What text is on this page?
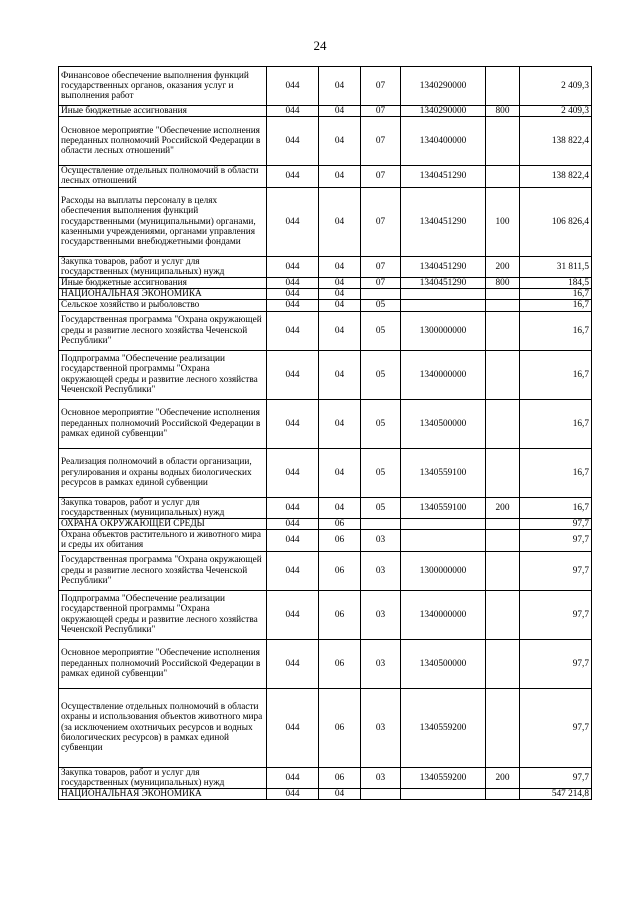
24
Финансовое обеспечение выполнения функций государственных органов, оказания услуг и выполнения работ	044	04	07	1340290000		2 409,3
Иные бюджетные ассигнования	044	04	07	1340290000	800	2 409,3
Основное мероприятие "Обеспечение исполнения переданных полномочий Российской Федерации в области лесных отношений"	044	04	07	1340400000		138 822,4
Осуществление отдельных полномочий в области лесных отношений	044	04	07	1340451290		138 822,4
Расходы на выплаты персоналу в целях обеспечения выполнения функций государственными (муниципальными) органами, казенными учреждениями, органами управления государственными внебюджетными фондами	044	04	07	1340451290	100	106 826,4
Закупка товаров, работ и услуг для государственных (муниципальных) нужд	044	04	07	1340451290	200	31 811,5
Иные бюджетные ассигнования	044	04	07	1340451290	800	184,5
НАЦИОНАЛЬНАЯ ЭКОНОМИКА	044	04				16,7
Сельское хозяйство и рыболовство	044	04	05			16,7
Государственная программа "Охрана окружающей среды и развитие лесного хозяйства Чеченской Республики"	044	04	05	1300000000		16,7
Подпрограмма "Обеспечение реализации государственной программы "Охрана окружающей среды и развитие лесного хозяйства Чеченской Республики"	044	04	05	1340000000		16,7
Основное мероприятие "Обеспечение исполнения переданных полномочий Российской Федерации в рамках единой субвенции"	044	04	05	1340500000		16,7
Реализация полномочий в области организации, регулирования и охраны водных биологических ресурсов в рамках единой субвенции	044	04	05	1340559100		16,7
Закупка товаров, работ и услуг для государственных (муниципальных) нужд	044	04	05	1340559100	200	16,7
ОХРАНА ОКРУЖАЮЩЕЙ СРЕДЫ	044	06				97,7
Охрана объектов растительного и животного мира и среды их обитания	044	06	03			97,7
Государственная программа "Охрана окружающей среды и развитие лесного хозяйства Чеченской Республики"	044	06	03	1300000000		97,7
Подпрограмма "Обеспечение реализации государственной программы "Охрана окружающей среды и развитие лесного хозяйства Чеченской Республики"	044	06	03	1340000000		97,7
Основное мероприятие "Обеспечение исполнения переданных полномочий Российской Федерации в рамках единой субвенции"	044	06	03	1340500000		97,7
Осуществление отдельных полномочий в области охраны и использования объектов животного мира (за исключением охотничьих ресурсов и водных биологических ресурсов) в рамках единой субвенции	044	06	03	1340559200		97,7
Закупка товаров, работ и услуг для государственных (муниципальных) нужд	044	06	03	1340559200	200	97,7
НАЦИОНАЛЬНАЯ ЭКОНОМИКА	044	04				547 214,8
